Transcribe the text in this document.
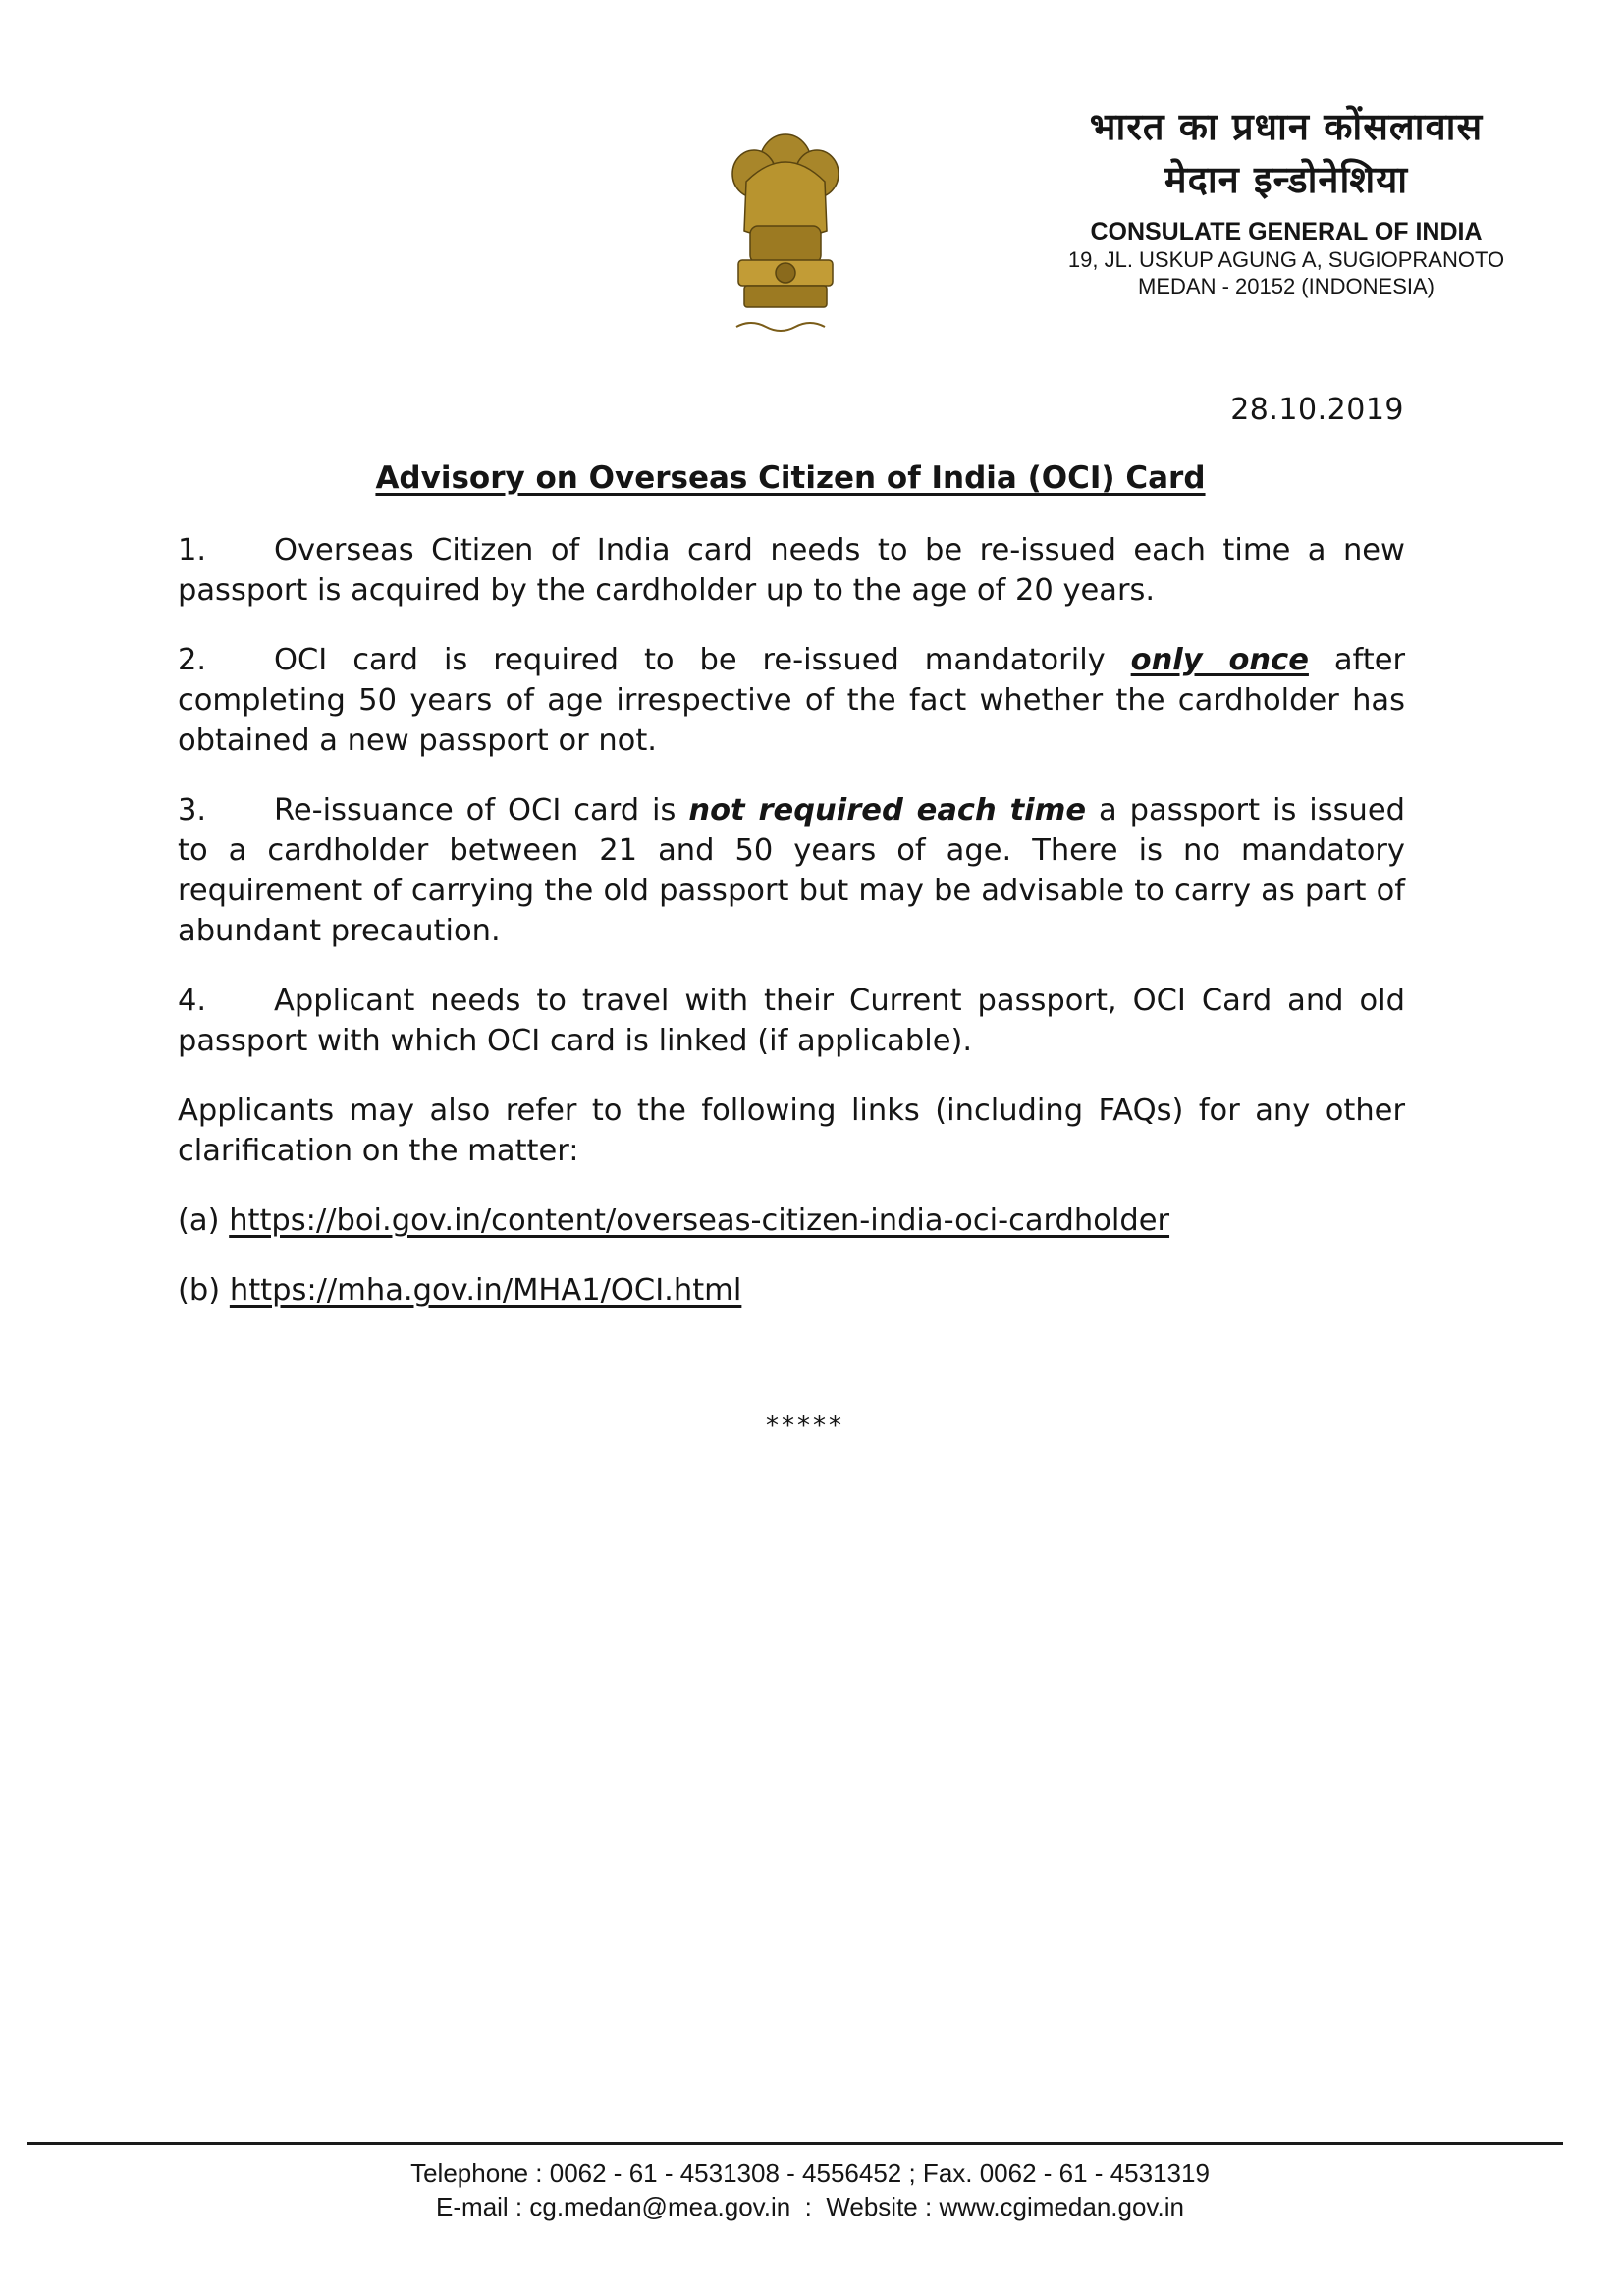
भारत का प्रधान कोंसलावास
मेदान इन्डोनेशिया
CONSULATE GENERAL OF INDIA
19, JL. USKUP AGUNG A, SUGIOPRANOTO
MEDAN - 20152 (INDONESIA)
28.10.2019
Advisory on Overseas Citizen of India (OCI) Card

1. Overseas Citizen of India card needs to be re-issued each time a new passport is acquired by the cardholder up to the age of 20 years.

2. OCI card is required to be re-issued mandatorily only once after completing 50 years of age irrespective of the fact whether the cardholder has obtained a new passport or not.

3. Re-issuance of OCI card is not required each time a passport is issued to a cardholder between 21 and 50 years of age. There is no mandatory requirement of carrying the old passport but may be advisable to carry as part of abundant precaution.

4. Applicant needs to travel with their Current passport, OCI Card and old passport with which OCI card is linked (if applicable).

Applicants may also refer to the following links (including FAQs) for any other clarification on the matter:

(a) https://boi.gov.in/content/overseas-citizen-india-oci-cardholder

(b) https://mha.gov.in/MHA1/OCI.html

*****
Telephone : 0062 - 61 - 4531308 - 4556452 ; Fax. 0062 - 61 - 4531319
E-mail : cg.medan@mea.gov.in  :  Website : www.cgimedan.gov.in
